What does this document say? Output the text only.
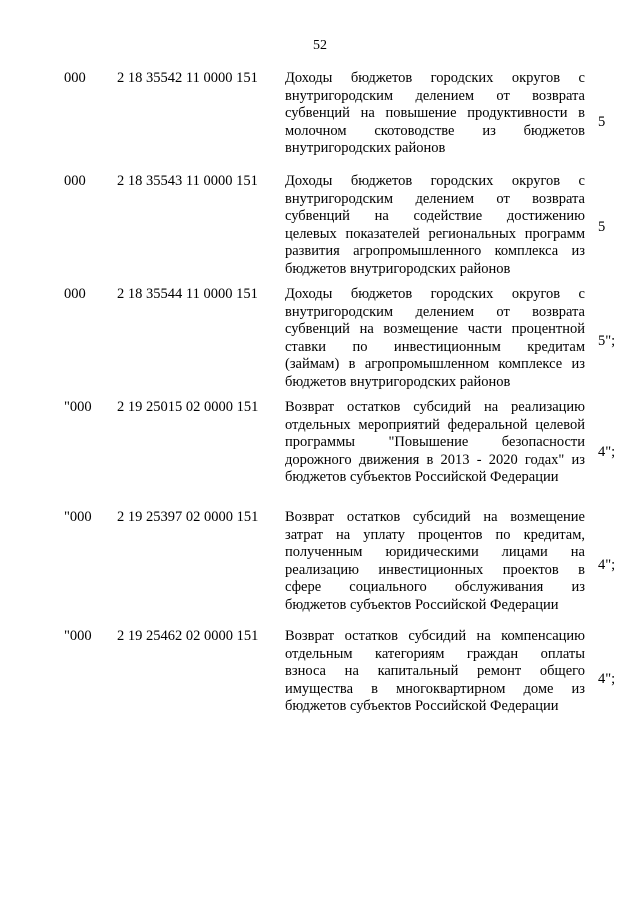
52
000 2 18 35542 11 0000 151 Доходы бюджетов городских округов с
внутригородским делением от возврата
субвенций на повышение продуктивности в
молочном скотоводстве из бюджетов
внутригородских районов
5
000 2 18 35543 11 0000 151 Доходы бюджетов городских округов с
внутригородским делением от возврата
субвенций на содействие достижению
целевых показателей региональных программ
развития агропромышленного комплекса из
бюджетов внутригородских районов
5
000 2 18 35544 11 0000 151 Доходы бюджетов городских округов с
внутригородским делением от возврата
субвенций на возмещение части процентной
ставки по инвестиционным кредитам
(займам) в агропромышленном комплексе из
бюджетов внутригородских районов
5";
"000 2 19 25015 02 0000 151 Возврат остатков субсидий на реализацию
отдельных мероприятий федеральной целевой
программы "Повышение безопасности
дорожного движения в 2013 - 2020 годах" из
бюджетов субъектов Российской Федерации
4";
"000 2 19 25397 02 0000 151 Возврат остатков субсидий на возмещение
затрат на уплату процентов по кредитам,
полученным юридическими лицами на
реализацию инвестиционных проектов в
сфере социального обслуживания из
бюджетов субъектов Российской Федерации
4";
"000 2 19 25462 02 0000 151 Возврат остатков субсидий на компенсацию
отдельным категориям граждан оплаты
взноса на капитальный ремонт общего
имущества в многоквартирном доме из
бюджетов субъектов Российской Федерации
4";
